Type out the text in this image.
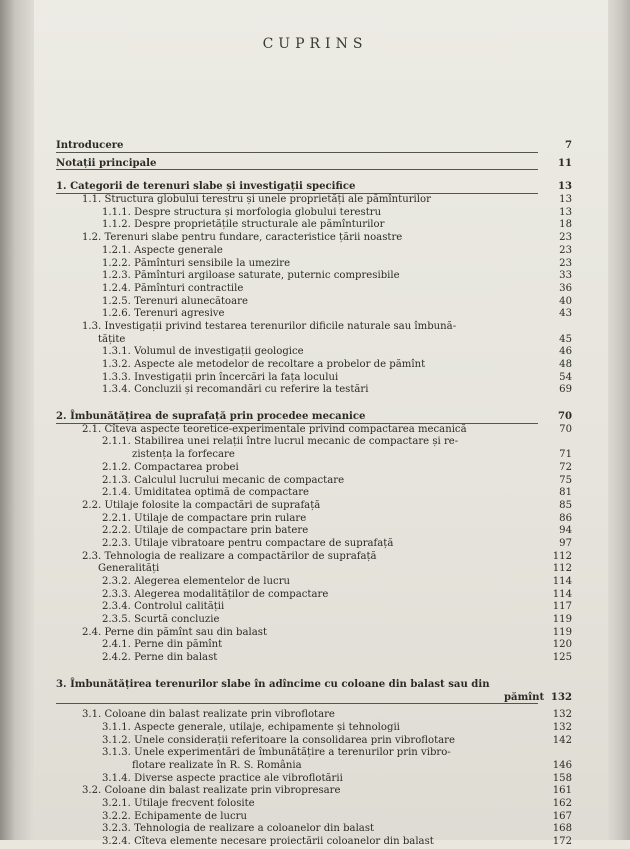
CUPRINS
Introducere	7
Notații principale	11
1. Categorii de terenuri slabe și investigații specifice	13
1.1. Structura globului terestru și unele proprietăți ale pămînturilor	13
1.1.1. Despre structura și morfologia globului terestru	13
1.1.2. Despre proprietățile structurale ale pămînturilor	18
1.2. Terenuri slabe pentru fundare, caracteristice țării noastre	23
1.2.1. Aspecte generale	23
1.2.2. Pămînturi sensibile la umezire	23
1.2.3. Pămînturi argiloase saturate, puternic compresibile	33
1.2.4. Pămînturi contractile	36
1.2.5. Terenuri alunecătoare	40
1.2.6. Terenuri agresive	43
1.3. Investigații privind testarea terenurilor dificile naturale sau îmbună-
tățite	45
1.3.1. Volumul de investigații geologice	46
1.3.2. Aspecte ale metodelor de recoltare a probelor de pămînt	48
1.3.3. Investigații prin încercări la fața locului	54
1.3.4. Concluzii și recomandări cu referire la testări	69
2. Îmbunătățirea de suprafață prin procedee mecanice	70
2.1. Cîteva aspecte teoretice-experimentale privind compactarea mecanică	70
2.1.1. Stabilirea unei relații între lucrul mecanic de compactare și re-
zistența la forfecare	71
2.1.2. Compactarea probei	72
2.1.3. Calculul lucrului mecanic de compactare	75
2.1.4. Umiditatea optimă de compactare	81
2.2. Utilaje folosite la compactări de suprafață	85
2.2.1. Utilaje de compactare prin rulare	86
2.2.2. Utilaje de compactare prin batere	94
2.2.3. Utilaje vibratoare pentru compactare de suprafață	97
2.3. Tehnologia de realizare a compactărilor de suprafață	112
Generalități	112
2.3.2. Alegerea elementelor de lucru	114
2.3.3. Alegerea modalităților de compactare	114
2.3.4. Controlul calității	117
2.3.5. Scurtă concluzie	119
2.4. Perne din pămînt sau din balast	119
2.4.1. Perne din pămînt	120
2.4.2. Perne din balast	125
3. Îmbunătățirea terenurilor slabe în adîncime cu coloane din balast sau din
pămînt 132
3.1. Coloane din balast realizate prin vibroflotare	132
3.1.1. Aspecte generale, utilaje, echipamente și tehnologii	132
3.1.2. Unele considerații referitoare la consolidarea prin vibroflotare	142
3.1.3. Unele experimentări de îmbunătățire a terenurilor prin vibro-
flotare realizate în R. S. România	146
3.1.4. Diverse aspecte practice ale vibroflotării	158
3.2. Coloane din balast realizate prin vibropresare	161
3.2.1. Utilaje frecvent folosite	162
3.2.2. Echipamente de lucru	167
3.2.3. Tehnologia de realizare a coloanelor din balast	168
3.2.4. Cîteva elemente necesare proiectării coloanelor din balast	172
